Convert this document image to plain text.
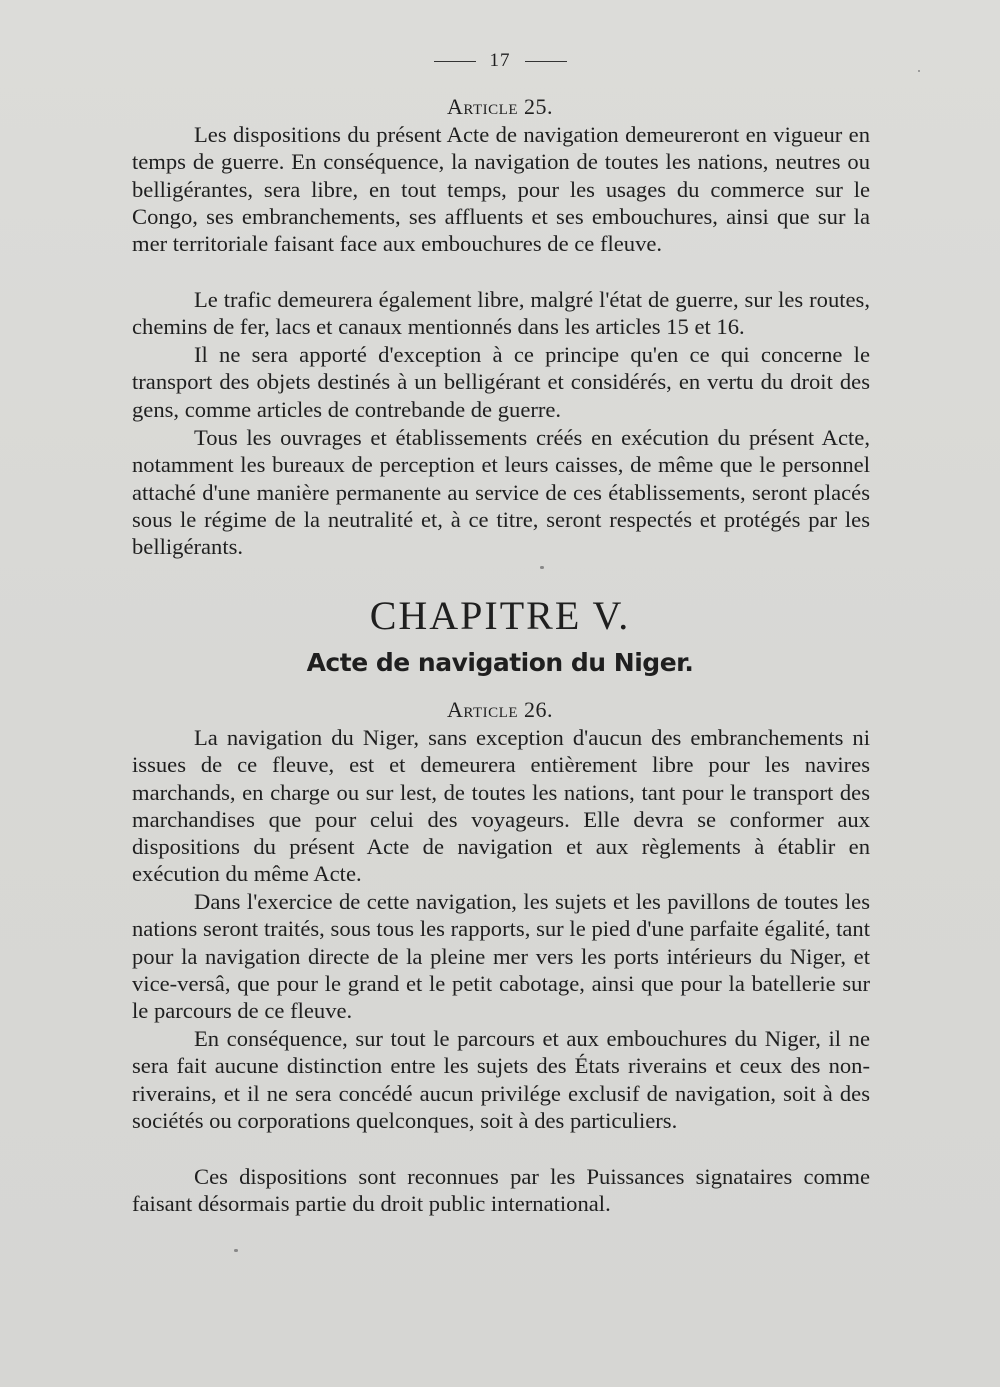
17
Article 25.

Les dispositions du présent Acte de navigation demeureront en vigueur en temps de guerre. En conséquence, la navigation de toutes les nations, neutres ou belligérantes, sera libre, en tout temps, pour les usages du commerce sur le Congo, ses embranchements, ses affluents et ses embouchures, ainsi que sur la mer territoriale faisant face aux embouchures de ce fleuve.

Le trafic demeurera également libre, malgré l'état de guerre, sur les routes, chemins de fer, lacs et canaux mentionnés dans les articles 15 et 16.

Il ne sera apporté d'exception à ce principe qu'en ce qui concerne le transport des objets destinés à un belligérant et considérés, en vertu du droit des gens, comme articles de contrebande de guerre.

Tous les ouvrages et établissements créés en exécution du présent Acte, notamment les bureaux de perception et leurs caisses, de même que le personnel attaché d'une manière permanente au service de ces établissements, seront placés sous le régime de la neutralité et, à ce titre, seront respectés et protégés par les belligérants.

CHAPITRE V.
Acte de navigation du Niger.
Article 26.

La navigation du Niger, sans exception d'aucun des embranchements ni issues de ce fleuve, est et demeurera entièrement libre pour les navires marchands, en charge ou sur lest, de toutes les nations, tant pour le transport des marchandises que pour celui des voyageurs. Elle devra se conformer aux dispositions du présent Acte de navigation et aux règlements à établir en exécution du même Acte.

Dans l'exercice de cette navigation, les sujets et les pavillons de toutes les nations seront traités, sous tous les rapports, sur le pied d'une parfaite égalité, tant pour la navigation directe de la pleine mer vers les ports intérieurs du Niger, et vice-versâ, que pour le grand et le petit cabotage, ainsi que pour la batellerie sur le parcours de ce fleuve.

En conséquence, sur tout le parcours et aux embouchures du Niger, il ne sera fait aucune distinction entre les sujets des États riverains et ceux des non-riverains, et il ne sera concédé aucun privilége exclusif de navigation, soit à des sociétés ou corporations quelconques, soit à des particuliers.

Ces dispositions sont reconnues par les Puissances signataires comme faisant désormais partie du droit public international.
